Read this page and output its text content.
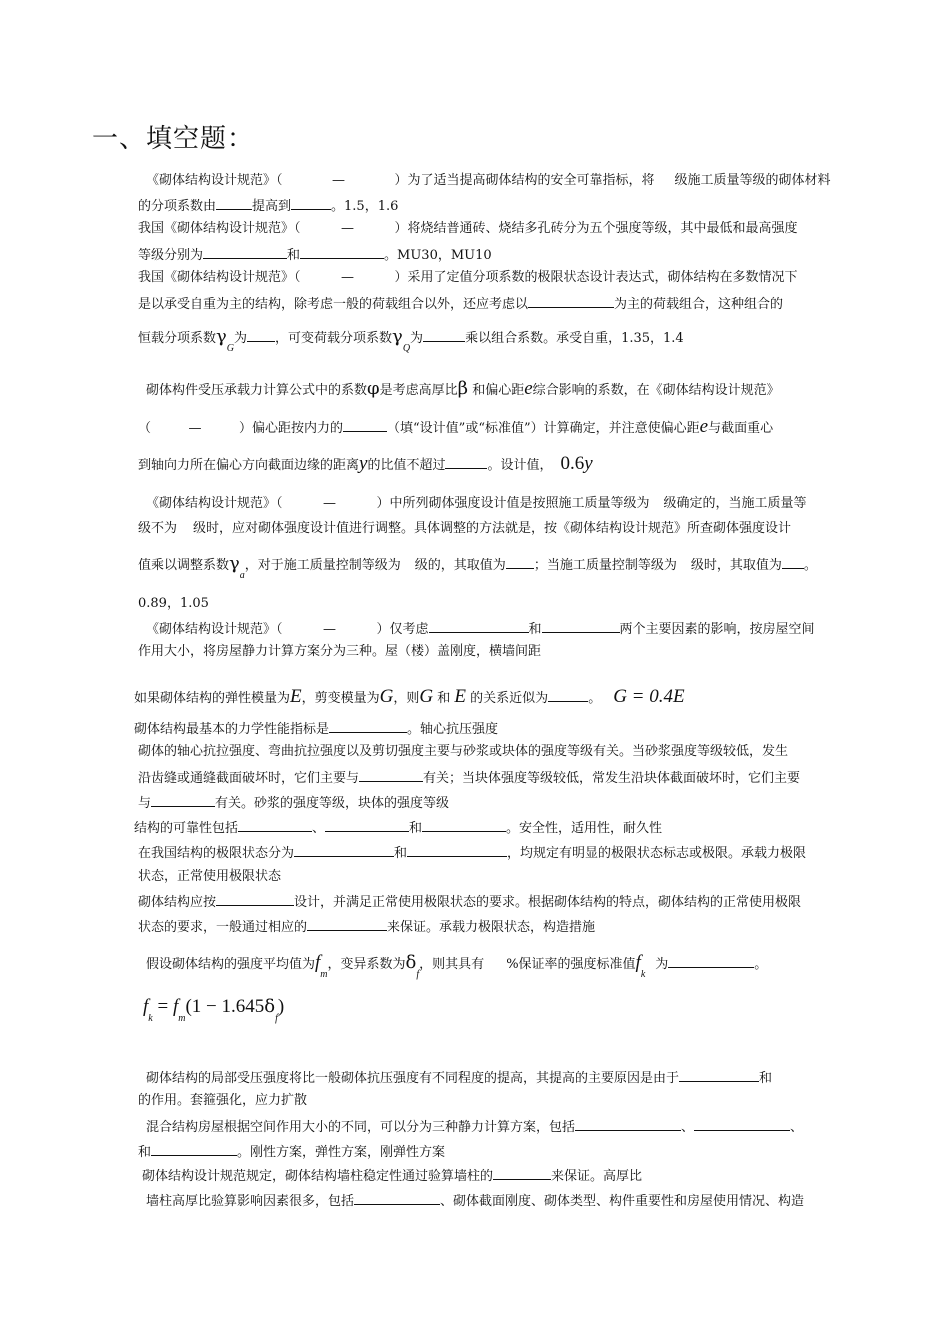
一、填空题：
《砌体结构设计规范》（	—	）为了适当提高砌体结构的安全可靠指标，将 级施工质量等级的砌体材料
的分项系数由	提高到	。1.5，1.6
我国《砌体结构设计规范》（	—	）将烧结普通砖、烧结多孔砖分为五个强度等级，其中最低和最高强度
等级分别为	和	。MU30，MU10
我国《砌体结构设计规范》（	—	）采用了定值分项系数的极限状态设计表达式，砌体结构在多数情况下
是以承受自重为主的结构，除考虑一般的荷载组合以外，还应考虑以	为主的荷载组合，这种组合的
恒载分项系数$\gamma_G$为 ，可变荷载分项系数$\gamma_Q$为	乘以组合系数。承受自重，1.35，1.4
砌体构件受压承载力计算公式中的系数φ是考虑高厚比β 和偏心距e综合影响的系数，在《砌体结构设计规范》
（	—	）偏心距按内力的	（填“设计值”或“标准值”）计算确定，并注意使偏心距e与截面重心
到轴向力所在偏心方向截面边缘的距离y的比值不超过	。设计值， 0.6y
《砌体结构设计规范》（	—	）中所列砌体强度设计值是按照施工质量等级为 级确定的，当施工质量等
级不为 级时，应对砌体强度设计值进行调整。具体调整的方法就是，按《砌体结构设计规范》所查砌体强度设计
值乘以调整系数$\gamma_a$，对于施工质量控制等级为 级的，其取值为 ；当施工质量控制等级为 级时，其取值为 。
0.89，1.05
《砌体结构设计规范》（	—	）仅考虑	和	两个主要因素的影响，按房屋空间
作用大小，将房屋静力计算方案分为三种。屋（楼）盖刚度，横墙间距
如果砌体结构的弹性模量为E，剪变模量为G，则G 和 E 的关系近似为	。 G = 0.4E
砌体结构最基本的力学性能指标是	。轴心抗压强度
砌体的轴心抗拉强度、弯曲抗拉强度以及剪切强度主要与砂浆或块体的强度等级有关。当砂浆强度等级较低，发生
沿齿缝或通缝截面破坏时，它们主要与	有关；当块体强度等级较低，常发生沿块体截面破坏时，它们主要
与	有关。砂浆的强度等级，块体的强度等级
结构的可靠性包括	、	和	。安全性，适用性，耐久性
在我国结构的极限状态分为	和	，均规定有明显的极限状态标志或极限。承载力极限
状态，正常使用极限状态
砌体结构应按	设计，并满足正常使用极限状态的要求。根据砌体结构的特点，砌体结构的正常使用极限
状态的要求，一般通过相应的	来保证。承载力极限状态，构造措施
假设砌体结构的强度平均值为$f_m$，变异系数为$\delta_f$，则其具有 %保证率的强度标准值$f_k$为	。
$f_k = f_m(1 - 1.645\delta_f)$
砌体结构的局部受压强度将比一般砌体抗压强度有不同程度的提高，其提高的主要原因是由于	和
的作用。套箍强化，应力扩散
混合结构房屋根据空间作用大小的不同，可以分为三种静力计算方案，包括	、	、
和	。刚性方案，弹性方案，刚弹性方案
砌体结构设计规范规定，砌体结构墙柱稳定性通过验算墙柱的	来保证。高厚比
墙柱高厚比验算影响因素很多，包括	、砌体截面刚度、砌体类型、构件重要性和房屋使用情况、构造
